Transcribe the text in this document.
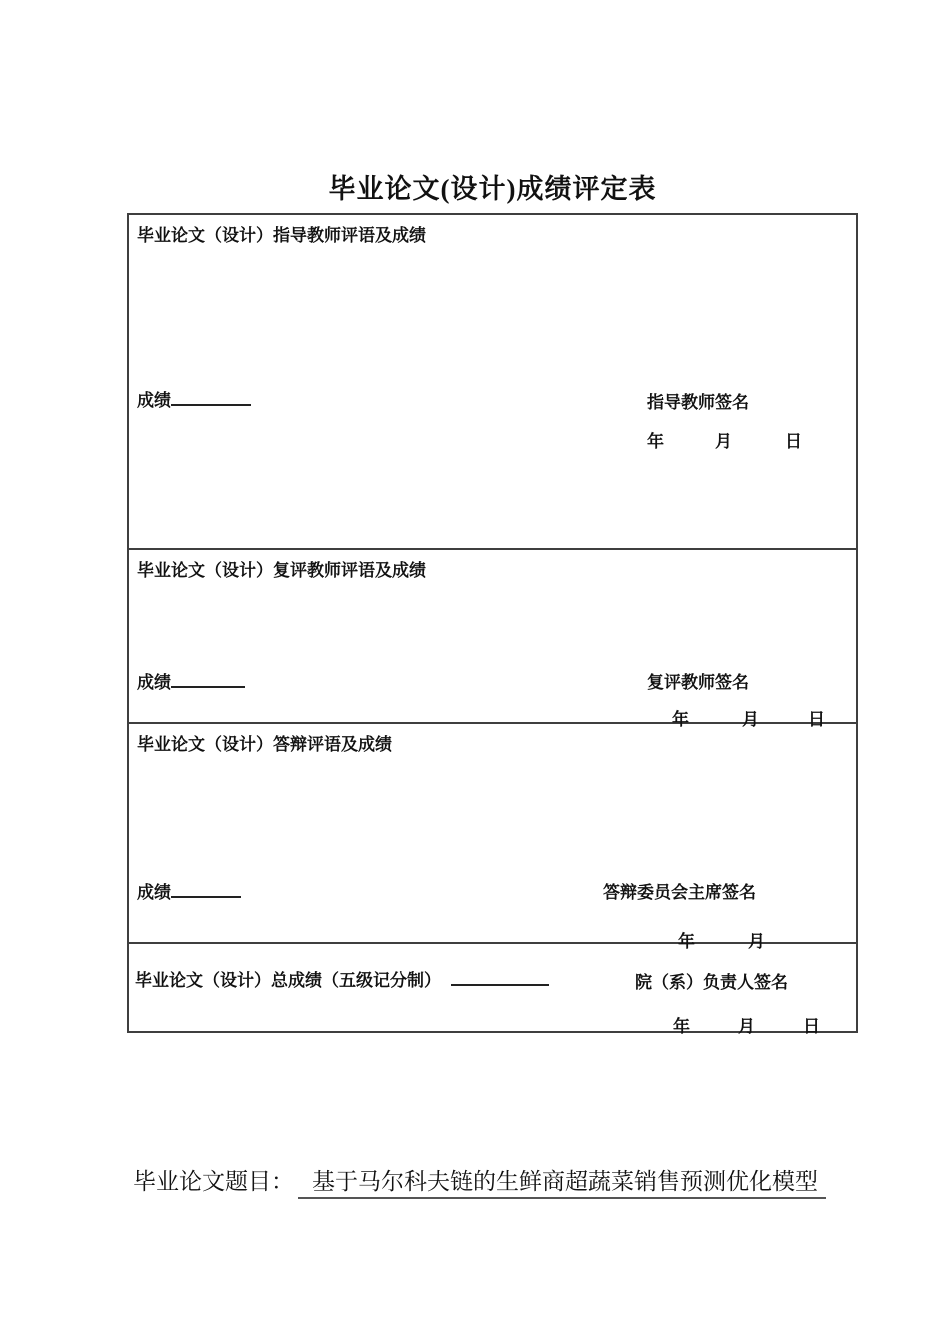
毕业论文(设计)成绩评定表
毕业论文（设计）指导教师评语及成绩
成绩	指导教师签名
年	月	日
毕业论文（设计）复评教师评语及成绩
成绩	复评教师签名
年	月	日
毕业论文（设计）答辩评语及成绩
成绩	答辩委员会主席签名
年	月
毕业论文（设计）总成绩（五级记分制）	院（系）负责人签名
年	月	日
毕业论文题目： 基于马尔科夫链的生鲜商超蔬菜销售预测优化模型
